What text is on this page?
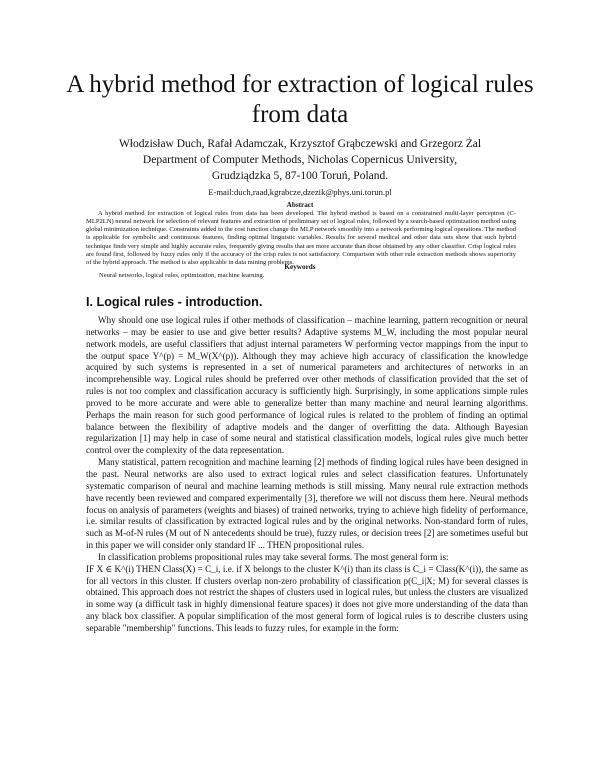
A hybrid method for extraction of logical rules from data
Włodzisław Duch, Rafał Adamczak, Krzysztof Grąbczewski and Grzegorz Żal
Department of Computer Methods, Nicholas Copernicus University,
Grudziądzka 5, 87-100 Toruń, Poland.
E-mail:duch,raad,kgrabcze,dzezik@phys.uni.torun.pl
Abstract

A hybrid method for extraction of logical rules from data has been developed. The hybrid method is based on a constrained multi-layer perceptron (C-MLP2LN) neural network for selection of relevant features and extraction of preliminary set of logical rules, followed by a search-based optimization method using global minimization technique. Constraints added to the cost function change the MLP network smoothly into a network performing logical operations. The method is applicable for symbolic and continuous features, finding optimal linguistic variables. Results for several medical and other data sets show that such hybrid technique finds very simple and highly accurate rules, frequently giving results that are more accurate than those obtained by any other classifier. Crisp logical rules are found first, followed by fuzzy rules only if the accuracy of the crisp rules is not satisfactory. Comparison with other rule extraction methods shows superiority of the hybrid approach. The method is also applicable in data mining problems.

Keywords

Neural networks, logical rules, optimization, machine learning.

I. Logical rules - introduction.

Why should one use logical rules if other methods of classification – machine learning, pattern recognition or neural networks – may be easier to use and give better results? Adaptive systems M_W, including the most popular neural network models, are useful classifiers that adjust internal parameters W performing vector mappings from the input to the output space Y^(p) = M_W(X^(p)). Although they may achieve high accuracy of classification the knowledge acquired by such systems is represented in a set of numerical parameters and architectures of networks in an incomprehensible way. Logical rules should be preferred over other methods of classification provided that the set of rules is not too complex and classification accuracy is sufficiently high. Surprisingly, in some applications simple rules proved to be more accurate and were able to generalize better than many machine and neural learning algorithms. Perhaps the main reason for such good performance of logical rules is related to the problem of finding an optimal balance between the flexibility of adaptive models and the danger of overfitting the data. Although Bayesian regularization [1] may help in case of some neural and statistical classification models, logical rules give much better control over the complexity of the data representation.

Many statistical, pattern recognition and machine learning [2] methods of finding logical rules have been designed in the past. Neural networks are also used to extract logical rules and select classification features. Unfortunately systematic comparison of neural and machine learning methods is still missing. Many neural rule extraction methods have recently been reviewed and compared experimentally [3], therefore we will not discuss them here. Neural methods focus on analysis of parameters (weights and biases) of trained networks, trying to achieve high fidelity of performance, i.e. similar results of classification by extracted logical rules and by the original networks. Non-standard form of rules, such as M-of-N rules (M out of N antecedents should be true), fuzzy rules, or decision trees [2] are sometimes useful but in this paper we will consider only standard IF ... THEN propositional rules.

In classification problems propositional rules may take several forms. The most general form is:

IF X ∈ K^(i) THEN Class(X) = C_i, i.e. if X belongs to the cluster K^(i) than its class is C_i = Class(K^(i)), the same as for all vectors in this cluster. If clusters overlap non-zero probability of classification p(C_i|X; M) for several classes is obtained. This approach does not restrict the shapes of clusters used in logical rules, but unless the clusters are visualized in some way (a difficult task in highly dimensional feature spaces) it does not give more understanding of the data than any black box classifier. A popular simplification of the most general form of logical rules is to describe clusters using separable "membership" functions. This leads to fuzzy rules, for example in the form:
